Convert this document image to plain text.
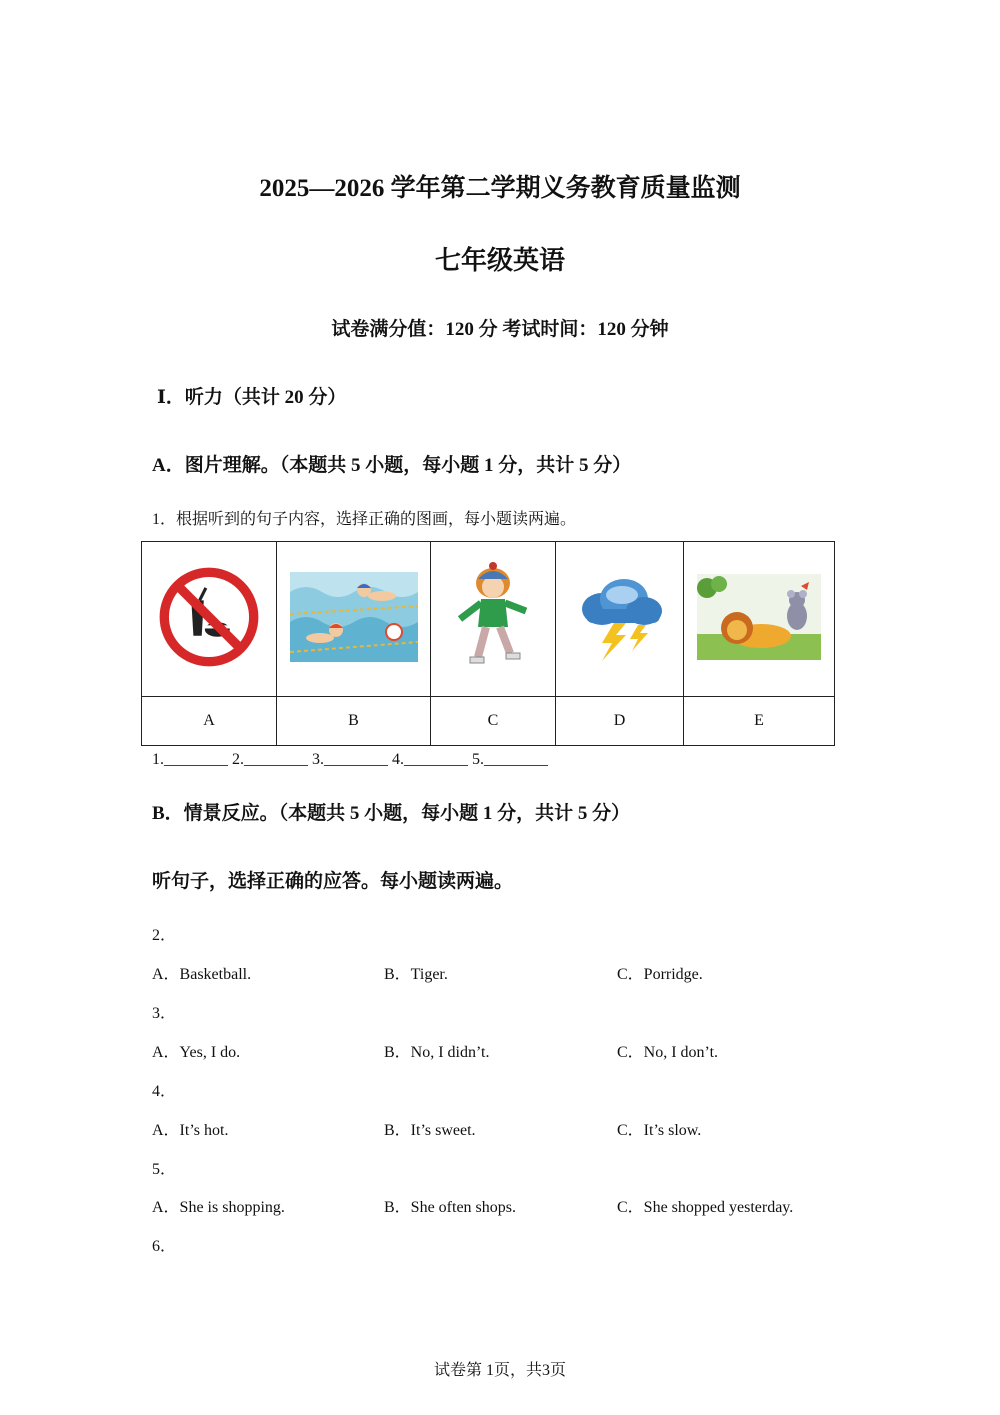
2025—2026 学年第二学期义务教育质量监测
七年级英语
试卷满分值：120 分 考试时间：120 分钟
Ⅰ．听力（共计 20 分）
A．图片理解。（本题共 5 小题，每小题 1 分，共计 5 分）
1．根据听到的句子内容，选择正确的图画，每小题读两遍。

A	B	C	D	E
1.________ 2.________ 3.________ 4.________ 5.________
B．情景反应。（本题共 5 小题，每小题 1 分，共计 5 分）
听句子，选择正确的应答。每小题读两遍。
2．
A．Basketball.	B．Tiger.	C．Porridge.
3．
A．Yes, I do.	B．No, I didn’t.	C．No, I don’t.
4．
A．It’s hot.	B．It’s sweet.	C．It’s slow.
5．
A．She is shopping.	B．She often shops.	C．She shopped yesterday.
6．
试卷第 1页，共3页
